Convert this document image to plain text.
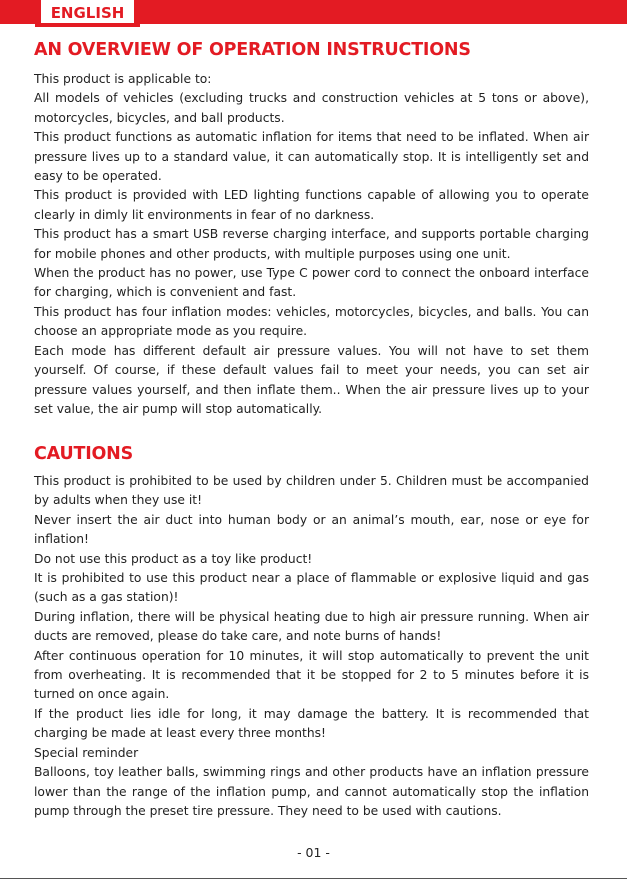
ENGLISH
AN OVERVIEW OF OPERATION INSTRUCTIONS

This product is applicable to:

All models of vehicles (excluding trucks and construction vehicles at 5 tons or above), motorcycles, bicycles, and ball products.

This product functions as automatic inflation for items that need to be inflated. When air pressure lives up to a standard value, it can automatically stop. It is intelligently set and easy to be operated.

This product is provided with LED lighting functions capable of allowing you to operate clearly in dimly lit environments in fear of no darkness.

This product has a smart USB reverse charging interface, and supports portable charging for mobile phones and other products, with multiple purposes using one unit.

When the product has no power, use Type C power cord to connect the onboard interface for charging, which is convenient and fast.

This product has four inflation modes: vehicles, motorcycles, bicycles, and balls. You can choose an appropriate mode as you require.

Each mode has different default air pressure values. You will not have to set them yourself. Of course, if these default values fail to meet your needs, you can set air pressure values yourself, and then inflate them.. When the air pressure lives up to your set value, the air pump will stop automatically.

CAUTIONS

This product is prohibited to be used by children under 5. Children must be accompanied by adults when they use it!

Never insert the air duct into human body or an animal’s mouth, ear, nose or eye for inflation!

Do not use this product as a toy like product!

It is prohibited to use this product near a place of flammable or explosive liquid and gas (such as a gas station)!

During inflation, there will be physical heating due to high air pressure running. When air ducts are removed, please do take care, and note burns of hands!

After continuous operation for 10 minutes, it will stop automatically to prevent the unit from overheating. It is recommended that it be stopped for 2 to 5 minutes before it is turned on once again.

If the product lies idle for long, it may damage the battery. It is recommended that charging be made at least every three months!

Special reminder

Balloons, toy leather balls, swimming rings and other products have an inflation pressure lower than the range of the inflation pump, and cannot automatically stop the inflation pump through the preset tire pressure. They need to be used with cautions.

- 01 -
